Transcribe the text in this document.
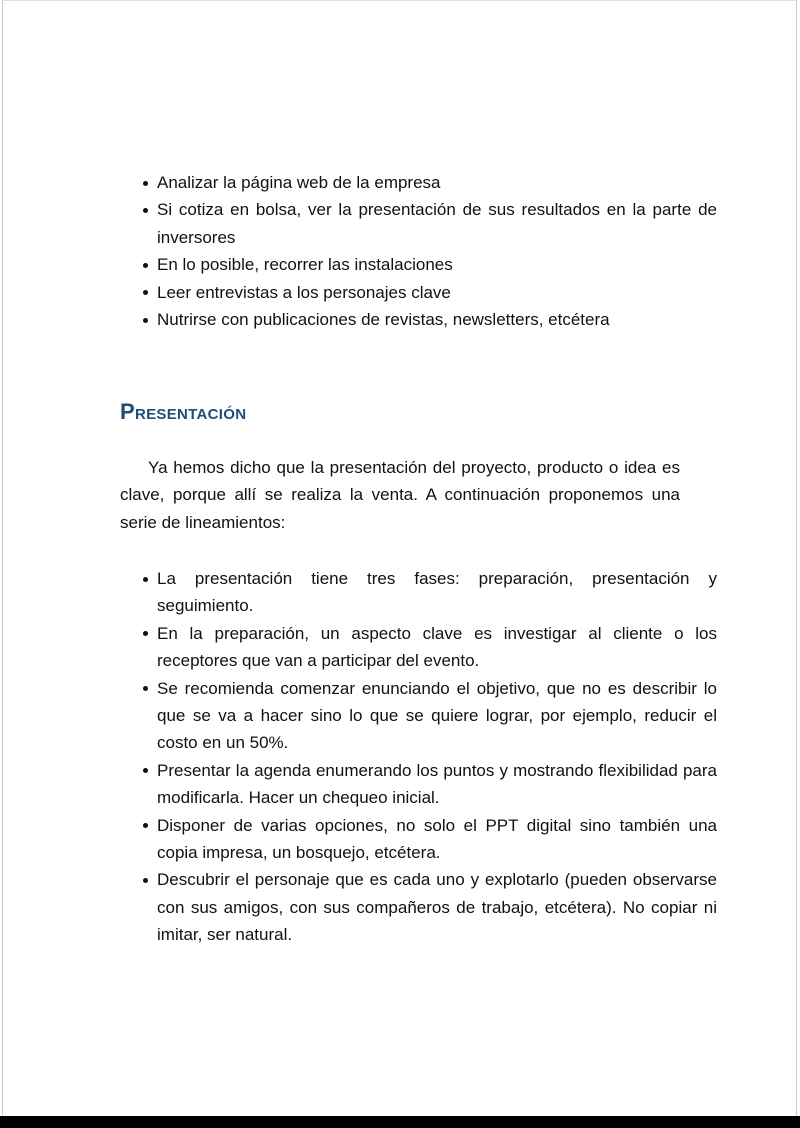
Analizar la página web de la empresa
Si cotiza en bolsa, ver la presentación de sus resultados en la parte de inversores
En lo posible, recorrer las instalaciones
Leer entrevistas a los personajes clave
Nutrirse con publicaciones de revistas, newsletters, etcétera
Presentación

Ya hemos dicho que la presentación del proyecto, producto o idea es clave, porque allí se realiza la venta. A continuación proponemos una serie de lineamientos:

La presentación tiene tres fases: preparación, presentación y seguimiento.
En la preparación, un aspecto clave es investigar al cliente o los receptores que van a participar del evento.
Se recomienda comenzar enunciando el objetivo, que no es describir lo que se va a hacer sino lo que se quiere lograr, por ejemplo, reducir el costo en un 50%.
Presentar la agenda enumerando los puntos y mostrando flexibilidad para modificarla. Hacer un chequeo inicial.
Disponer de varias opciones, no solo el PPT digital sino también una copia impresa, un bosquejo, etcétera.
Descubrir el personaje que es cada uno y explotarlo (pueden observarse con sus amigos, con sus compañeros de trabajo, etcétera). No copiar ni imitar, ser natural.
